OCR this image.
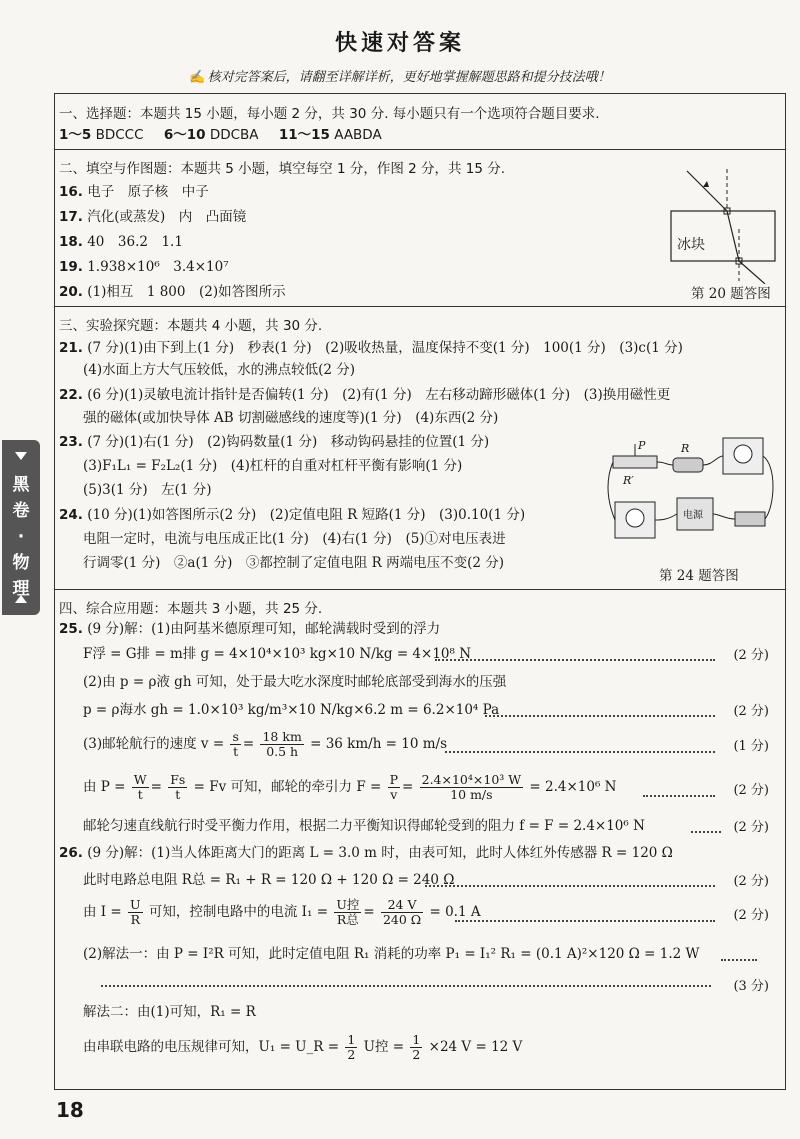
快速对答案
✍ 核对完答案后，请翻至详解详析，更好地掌握解题思路和提分技法哦！
黑卷·物理
一、选择题：本题共 15 小题，每小题 2 分，共 30 分. 每小题只有一个选项符合题目要求.
1～5 BDCCC 6～10 DDCBA 11～15 AABDA
二、填空与作图题：本题共 5 小题，填空每空 1 分，作图 2 分，共 15 分.
16. 电子　原子核　中子
17. 汽化(或蒸发)　内　凸面镜
18. 40　36.2　1.1
19. 1.938×10⁶　3.4×10⁷
20. (1)相互　1 800　(2)如答图所示
冰块
第 20 题答图
三、实验探究题：本题共 4 小题，共 30 分.
21. (7 分)(1)由下到上(1 分)　秒表(1 分)　(2)吸收热量，温度保持不变(1 分)　100(1 分)　(3)c(1 分)
(4)水面上方大气压较低，水的沸点较低(2 分)
22. (6 分)(1)灵敏电流计指针是否偏转(1 分)　(2)有(1 分)　左右移动蹄形磁体(1 分)　(3)换用磁性更
强的磁体(或加快导体 AB 切割磁感线的速度等)(1 分)　(4)东西(2 分)
23. (7 分)(1)右(1 分)　(2)钩码数量(1 分)　移动钩码悬挂的位置(1 分)
(3)F₁L₁ = F₂L₂(1 分)　(4)杠杆的自重对杠杆平衡有影响(1 分)
(5)3(1 分)　左(1 分)
24. (10 分)(1)如答图所示(2 分)　(2)定值电阻 R 短路(1 分)　(3)0.10(1 分)
电阻一定时，电流与电压成正比(1 分)　(4)右(1 分)　(5)①对电压表进
行调零(1 分)　②a(1 分)　③都控制了定值电阻 R 两端电压不变(2 分)
P
R′
R
电源
第 24 题答图
四、综合应用题：本题共 3 小题，共 25 分.
25. (9 分)解：(1)由阿基米德原理可知，邮轮满载时受到的浮力
F浮 = G排 = m排 g = 4×10⁴×10³ kg×10 N/kg = 4×10⁸ N	(2 分)
(2)由 p = ρ液 gh 可知，处于最大吃水深度时邮轮底部受到海水的压强
p = ρ海水 gh = 1.0×10³ kg/m³×10 N/kg×6.2 m = 6.2×10⁴ Pa	(2 分)
(3)邮轮航行的速度 $v = \frac{s}{t} = \frac{18 km}{0.5 h} = 36$ km/h = 10 m/s	(1 分)
由 $P = \frac{W}{t} = \frac{Fs}{t} = Fv$ 可知，邮轮的牵引力 $F = \frac{P}{v} = \frac{\text{2.4×10⁴×10³ W}}{10 m/s} = 2.4\times 10^6$ N	(2 分)
邮轮匀速直线航行时受平衡力作用，根据二力平衡知识得邮轮受到的阻力 f = F = 2.4×10⁶ N	(2 分)
26. (9 分)解：(1)当人体距离大门的距离 L = 3.0 m 时，由表可知，此时人体红外传感器 R = 120 Ω
此时电路总电阻 R总 = R₁ + R = 120 Ω + 120 Ω = 240 Ω	(2 分)
由 $I = \frac{U}{R}$ 可知，控制电路中的电流 $I_1 = \frac{\text{U控}}{\text{R总}} = \frac{24 V}{240 \Omega} = 0.1$ A	(2 分)
(2)解法一：由 P = I²R 可知，此时定值电阻 R₁ 消耗的功率 P₁ = I₁² R₁ = (0.1 A)²×120 Ω = 1.2 W
(3 分)
解法二：由(1)可知，R₁ = R
由串联电路的电压规律可知，U₁ = U_R = $\frac{1}{2}$ U控 = $\frac{1}{2} \times 24$ V = 12 V
18
